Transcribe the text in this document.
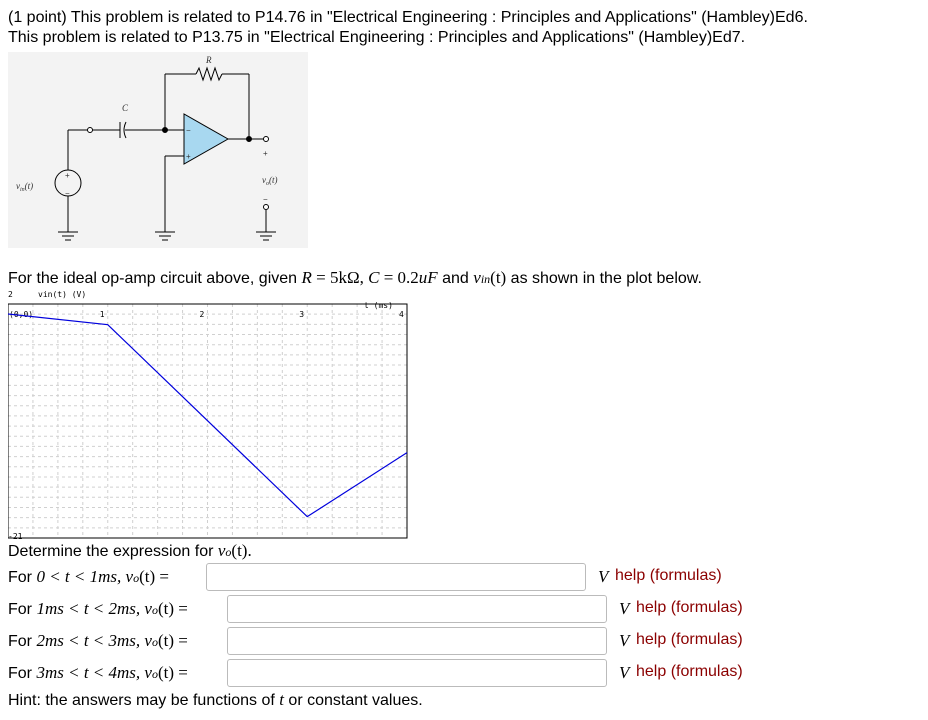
(1 point) This problem is related to P14.76 in "Electrical Engineering : Principles and Applications" (Hambley)Ed6.
This problem is related to P13.75 in "Electrical Engineering : Principles and Applications" (Hambley)Ed7.
R
C
$v_{in}(t)$
$v_o(t)$
+
−
−
+	+
−
For the ideal op-amp circuit above, given R = 5kΩ, C = 0.2uF and vin(t) as shown in the plot below.
2	vin(t) (V)
t (ms)
(0,0)
-21
1	2	3	4
Determine the expression for vo(t).
For 0 < t < 1ms, vo(t) =	V help (formulas)
For 1ms < t < 2ms, vo(t) =	V help (formulas)
For 2ms < t < 3ms, vo(t) =	V help (formulas)
For 3ms < t < 4ms, vo(t) =	V help (formulas)
Hint: the answers may be functions of t or constant values.
